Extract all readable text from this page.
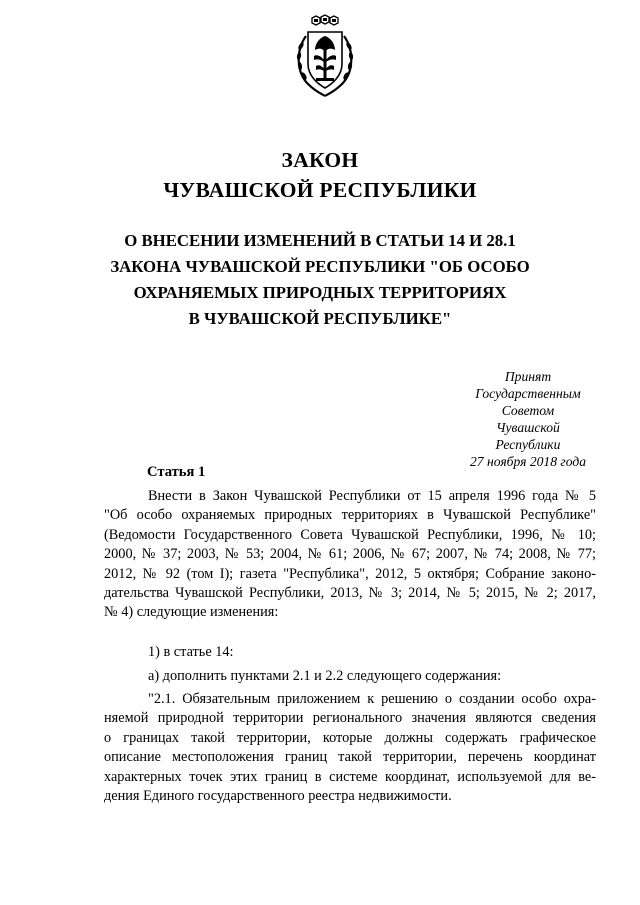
ЗАКОН
ЧУВАШСКОЙ РЕСПУБЛИКИ
О ВНЕСЕНИИ ИЗМЕНЕНИЙ В СТАТЬИ 14 И 28.1
ЗАКОНА ЧУВАШСКОЙ РЕСПУБЛИКИ "ОБ ОСОБО
ОХРАНЯЕМЫХ ПРИРОДНЫХ ТЕРРИТОРИЯХ
В ЧУВАШСКОЙ РЕСПУБЛИКЕ"
Принят
Государственным Советом
Чувашской Республики
27 ноября 2018 года
Статья 1
Внести в Закон Чувашской Республики от 15 апреля 1996 года № 5
"Об особо охраняемых природных территориях в Чувашской Республике"
(Ведомости Государственного Совета Чувашской Республики, 1996, № 10;
2000, № 37; 2003, № 53; 2004, № 61; 2006, № 67; 2007, № 74; 2008, № 77;
2012, № 92 (том I); газета "Республика", 2012, 5 октября; Собрание законо-
дательства Чувашской Республики, 2013, № 3; 2014, № 5; 2015, № 2; 2017,
№ 4) следующие изменения:
1) в статье 14:
а) дополнить пунктами 2.1 и 2.2 следующего содержания:
"2.1. Обязательным приложением к решению о создании особо охра-
няемой природной территории регионального значения являются сведения
о границах такой территории, которые должны содержать графическое
описание местоположения границ такой территории, перечень координат
характерных точек этих границ в системе координат, используемой для ве-
дения Единого государственного реестра недвижимости.
